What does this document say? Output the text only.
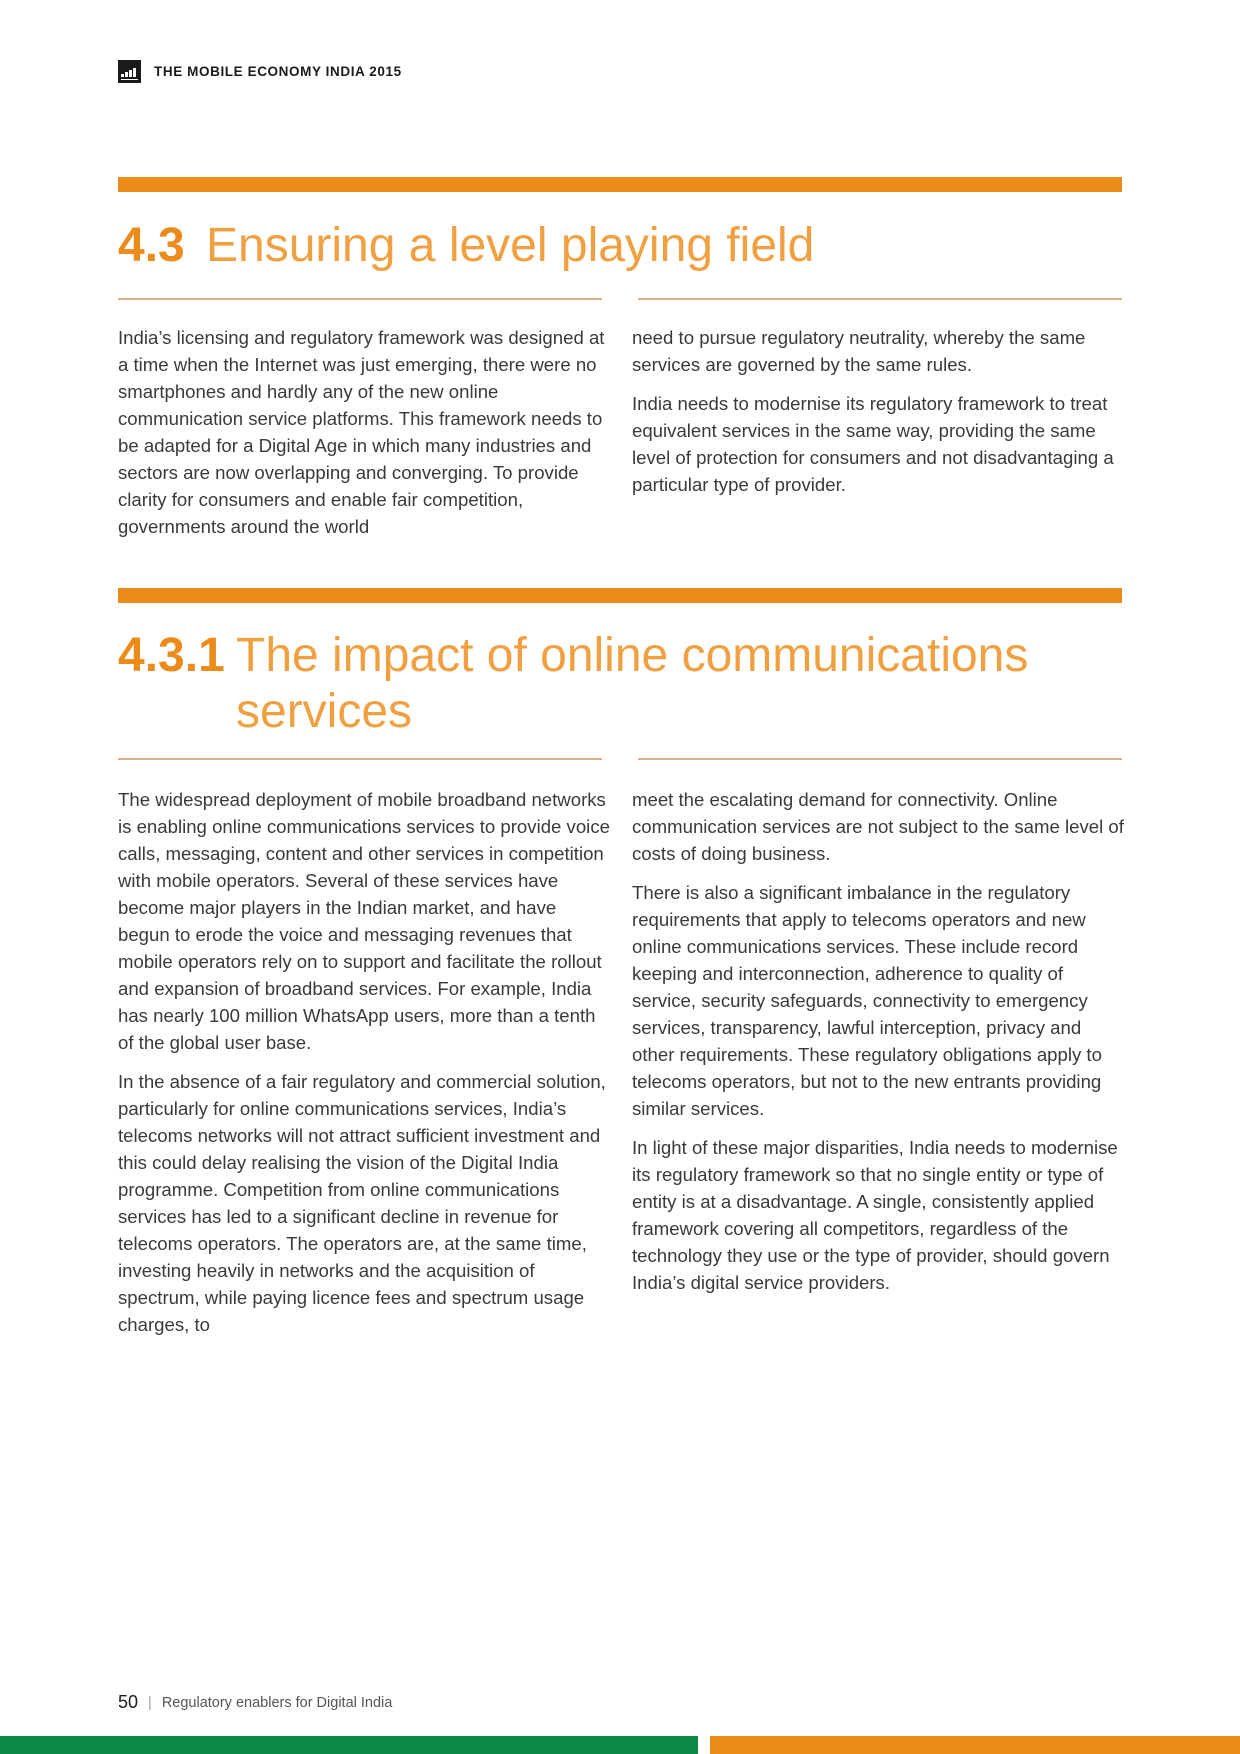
THE MOBILE ECONOMY INDIA 2015
4.3 Ensuring a level playing field

India’s licensing and regulatory framework was designed at a time when the Internet was just emerging, there were no smartphones and hardly any of the new online communication service platforms. This framework needs to be adapted for a Digital Age in which many industries and sectors are now overlapping and converging. To provide clarity for consumers and enable fair competition, governments around the world

need to pursue regulatory neutrality, whereby the same services are governed by the same rules.

India needs to modernise its regulatory framework to treat equivalent services in the same way, providing the same level of protection for consumers and not disadvantaging a particular type of provider.

4.3.1 The impact of online communications services

The widespread deployment of mobile broadband networks is enabling online communications services to provide voice calls, messaging, content and other services in competition with mobile operators. Several of these services have become major players in the Indian market, and have begun to erode the voice and messaging revenues that mobile operators rely on to support and facilitate the rollout and expansion of broadband services. For example, India has nearly 100 million WhatsApp users, more than a tenth of the global user base.

In the absence of a fair regulatory and commercial solution, particularly for online communications services, India’s telecoms networks will not attract sufficient investment and this could delay realising the vision of the Digital India programme. Competition from online communications services has led to a significant decline in revenue for telecoms operators. The operators are, at the same time, investing heavily in networks and the acquisition of spectrum, while paying licence fees and spectrum usage charges, to

meet the escalating demand for connectivity. Online communication services are not subject to the same level of costs of doing business.

There is also a significant imbalance in the regulatory requirements that apply to telecoms operators and new online communications services. These include record keeping and interconnection, adherence to quality of service, security safeguards, connectivity to emergency services, transparency, lawful interception, privacy and other requirements. These regulatory obligations apply to telecoms operators, but not to the new entrants providing similar services.

In light of these major disparities, India needs to modernise its regulatory framework so that no single entity or type of entity is at a disadvantage. A single, consistently applied framework covering all competitors, regardless of the technology they use or the type of provider, should govern India’s digital service providers.

50 | Regulatory enablers for Digital India
